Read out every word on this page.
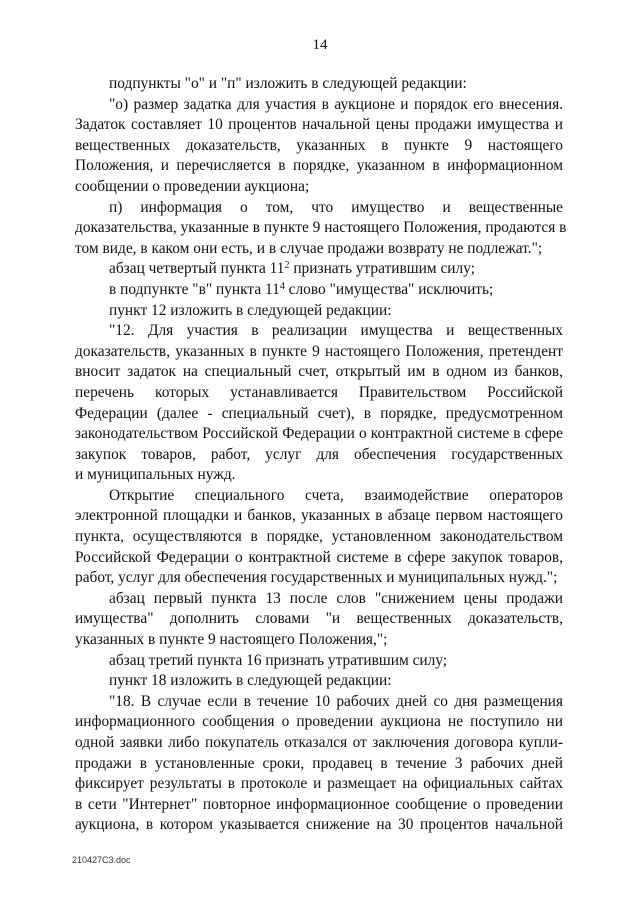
14
подпункты "о" и "п" изложить в следующей редакции:
"о) размер задатка для участия в аукционе и порядок его внесения.
Задаток составляет 10 процентов начальной цены продажи имущества и
вещественных доказательств, указанных в пункте 9 настоящего
Положения, и перечисляется в порядке, указанном в информационном
сообщении о проведении аукциона;
п) информация о том, что имущество и вещественные
доказательства, указанные в пункте 9 настоящего Положения, продаются в
том виде, в каком они есть, и в случае продажи возврату не подлежат.";
абзац четвертый пункта $11^2$ признать утратившим силу;
в подпункте "в" пункта $11^4$ слово "имущества" исключить;
пункт 12 изложить в следующей редакции:
"12. Для участия в реализации имущества и вещественных
доказательств, указанных в пункте 9 настоящего Положения, претендент
вносит задаток на специальный счет, открытый им в одном из банков,
перечень которых устанавливается Правительством Российской
Федерации (далее - специальный счет), в порядке, предусмотренном
законодательством Российской Федерации о контрактной системе в сфере
закупок товаров, работ, услуг для обеспечения государственных
и муниципальных нужд.
Открытие специального счета, взаимодействие операторов
электронной площадки и банков, указанных в абзаце первом настоящего
пункта, осуществляются в порядке, установленном законодательством
Российской Федерации о контрактной системе в сфере закупок товаров,
работ, услуг для обеспечения государственных и муниципальных нужд.";
абзац первый пункта 13 после слов "снижением цены продажи
имущества" дополнить словами "и вещественных доказательств,
указанных в пункте 9 настоящего Положения,";
абзац третий пункта 16 признать утратившим силу;
пункт 18 изложить в следующей редакции:
"18. В случае если в течение 10 рабочих дней со дня размещения
информационного сообщения о проведении аукциона не поступило ни
одной заявки либо покупатель отказался от заключения договора купли-
продажи в установленные сроки, продавец в течение 3 рабочих дней
фиксирует результаты в протоколе и размещает на официальных сайтах
в сети "Интернет" повторное информационное сообщение о проведении
аукциона, в котором указывается снижение на 30 процентов начальной
210427С3.doc
